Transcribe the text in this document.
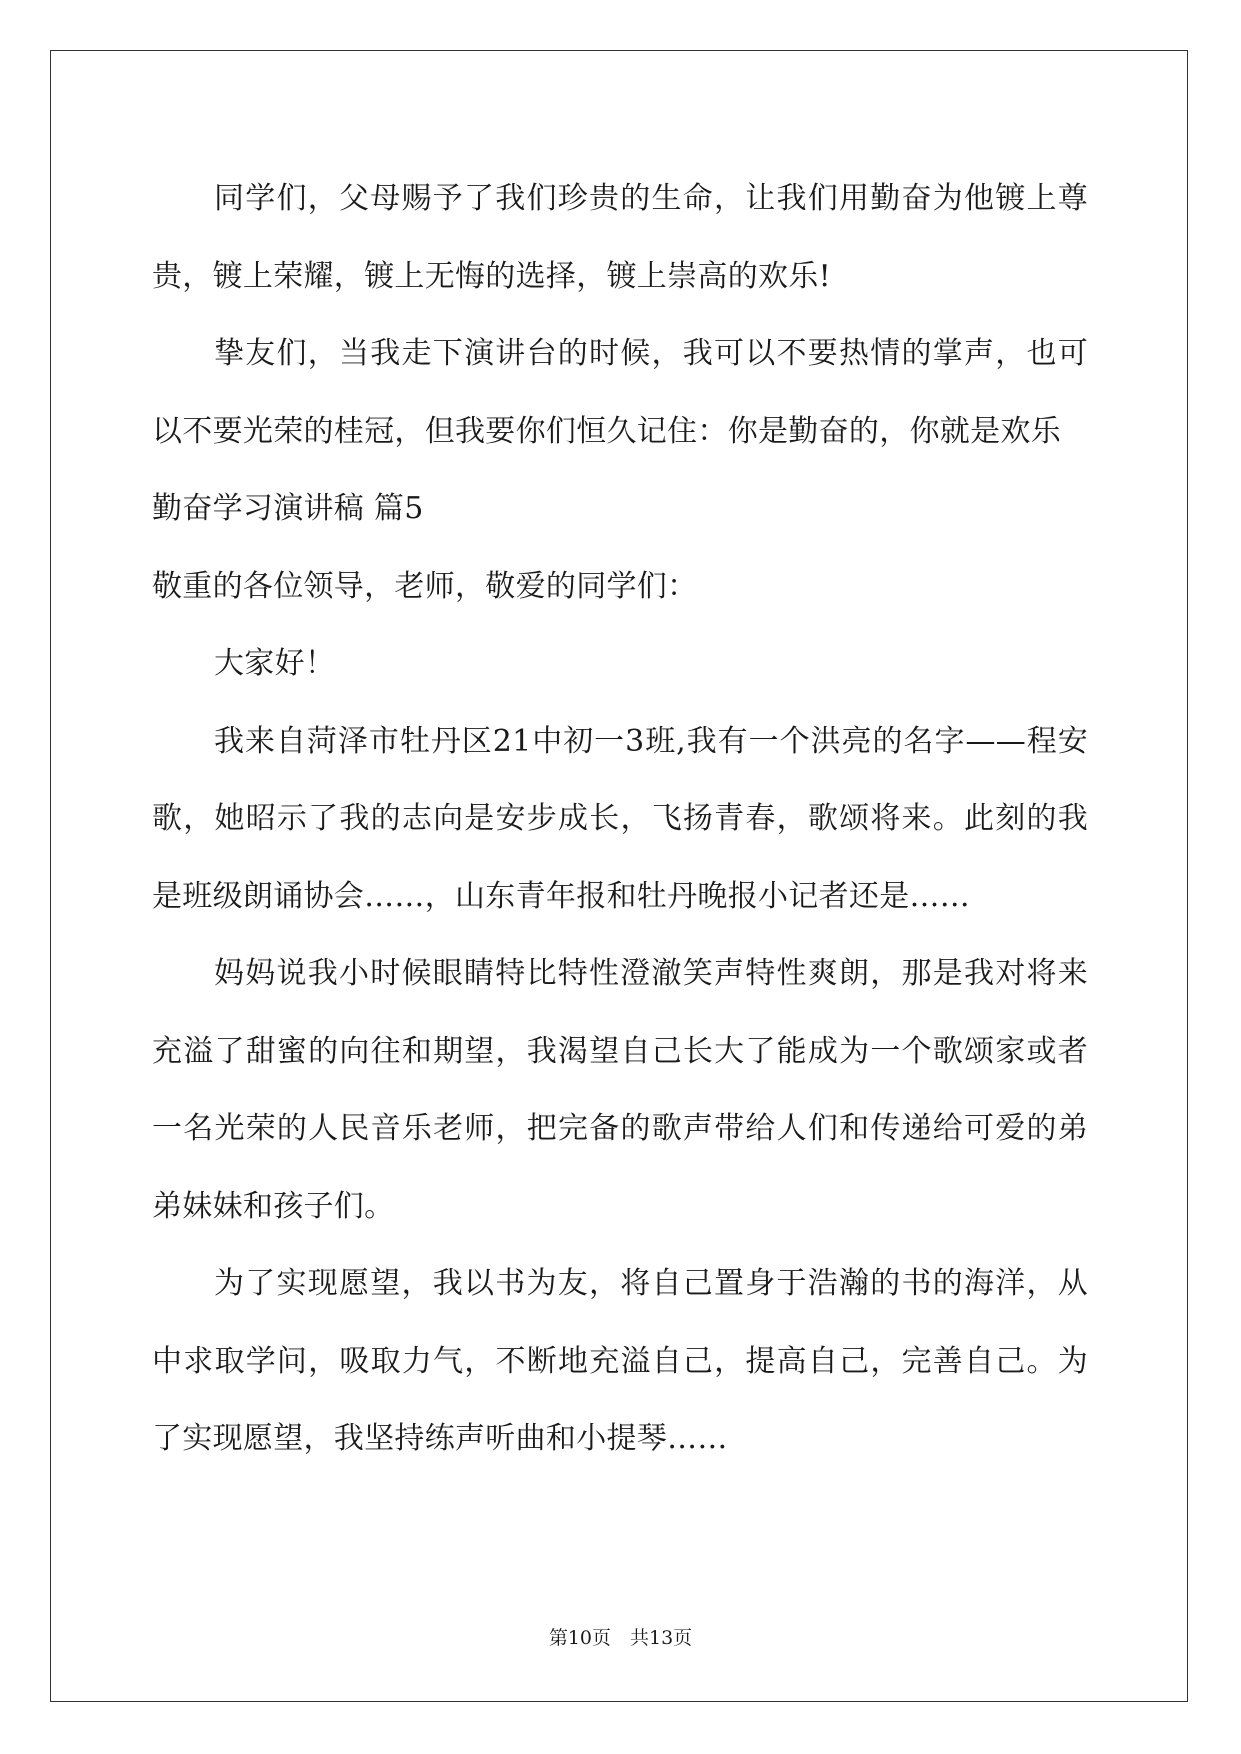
同学们，父母赐予了我们珍贵的生命，让我们用勤奋为他镀上尊贵，镀上荣耀，镀上无悔的选择，镀上崇高的欢乐!

挚友们，当我走下演讲台的时候，我可以不要热情的掌声，也可以不要光荣的桂冠，但我要你们恒久记住：你是勤奋的，你就是欢乐

勤奋学习演讲稿 篇5

敬重的各位领导，老师，敬爱的同学们：

大家好！

我来自菏泽市牡丹区21中初一3班,我有一个洪亮的名字——程安歌，她昭示了我的志向是安步成长，飞扬青春，歌颂将来。此刻的我是班级朗诵协会……，山东青年报和牡丹晚报小记者还是……

妈妈说我小时候眼睛特比特性澄澈笑声特性爽朗，那是我对将来充溢了甜蜜的向往和期望，我渴望自己长大了能成为一个歌颂家或者一名光荣的人民音乐老师，把完备的歌声带给人们和传递给可爱的弟弟妹妹和孩子们。

为了实现愿望，我以书为友，将自己置身于浩瀚的书的海洋，从中求取学问，吸取力气，不断地充溢自己，提高自己，完善自己。为了实现愿望，我坚持练声听曲和小提琴……

第10页　共13页
